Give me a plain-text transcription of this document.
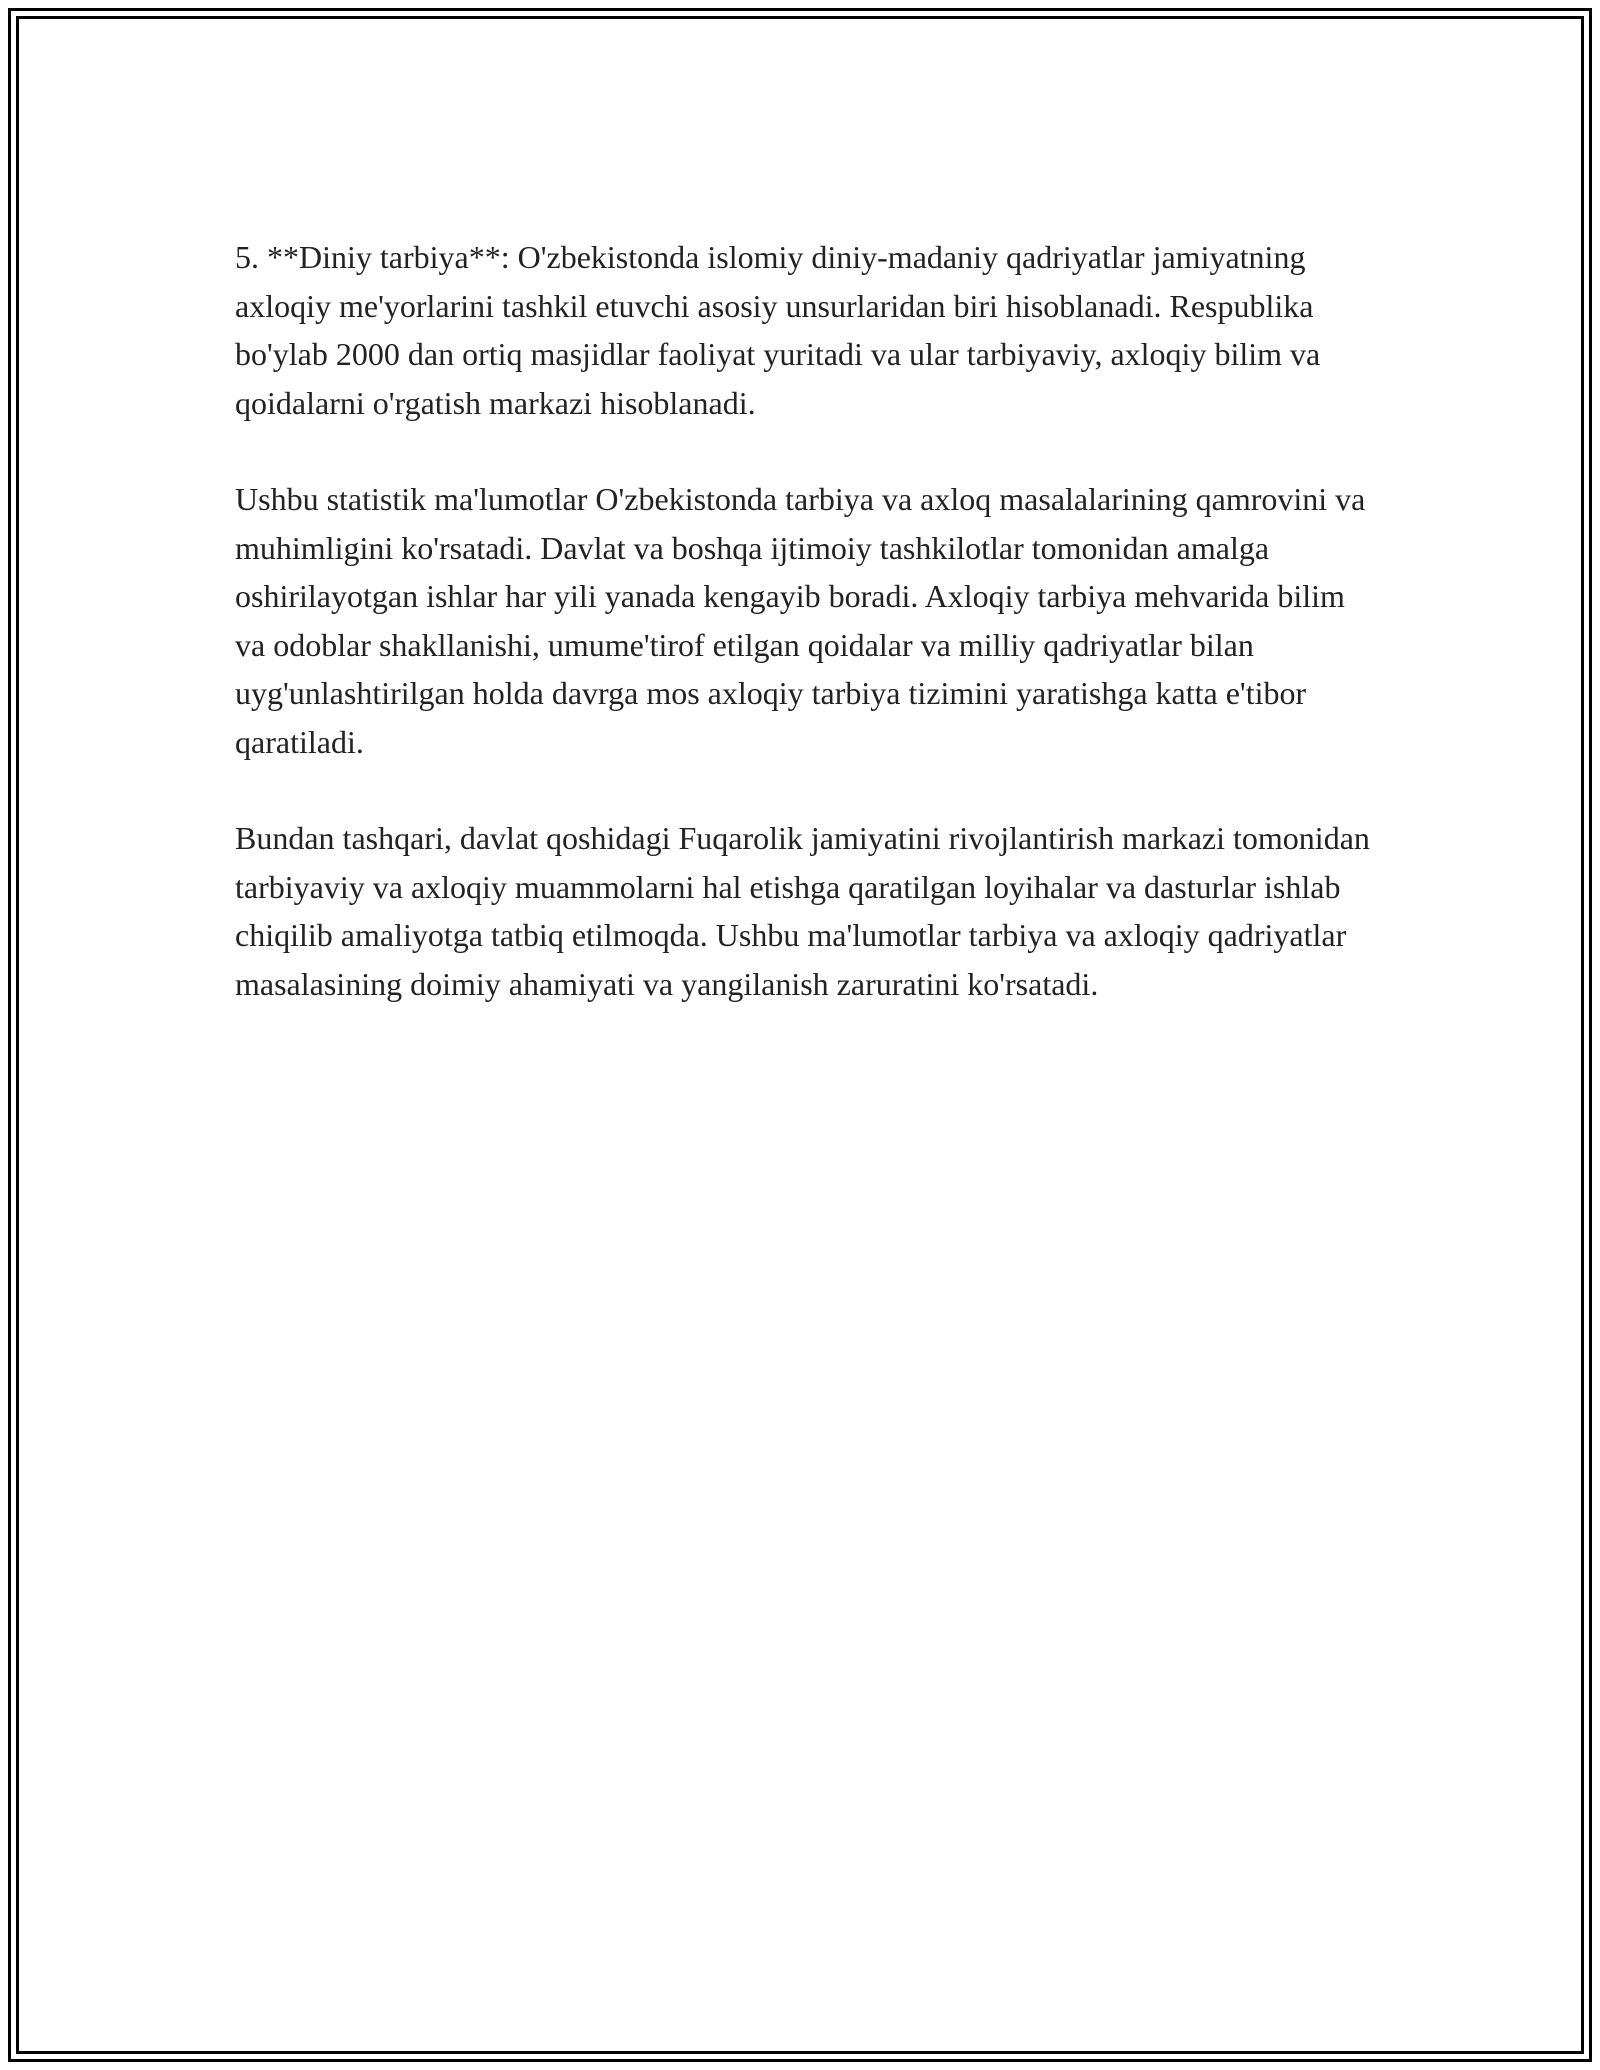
5. **Diniy tarbiya**: O'zbekistonda islomiy diniy-madaniy qadriyatlar jamiyatning axloqiy me'yorlarini tashkil etuvchi asosiy unsurlaridan biri hisoblanadi. Respublika bo'ylab 2000 dan ortiq masjidlar faoliyat yuritadi va ular tarbiyaviy, axloqiy bilim va qoidalarni o'rgatish markazi hisoblanadi.

Ushbu statistik ma'lumotlar O'zbekistonda tarbiya va axloq masalalarining qamrovini va muhimligini ko'rsatadi. Davlat va boshqa ijtimoiy tashkilotlar tomonidan amalga oshirilayotgan ishlar har yili yanada kengayib boradi. Axloqiy tarbiya mehvarida bilim va odoblar shakllanishi, umume'tirof etilgan qoidalar va milliy qadriyatlar bilan uyg'unlashtirilgan holda davrga mos axloqiy tarbiya tizimini yaratishga katta e'tibor qaratiladi.

Bundan tashqari, davlat qoshidagi Fuqarolik jamiyatini rivojlantirish markazi tomonidan tarbiyaviy va axloqiy muammolarni hal etishga qaratilgan loyihalar va dasturlar ishlab chiqilib amaliyotga tatbiq etilmoqda. Ushbu ma'lumotlar tarbiya va axloqiy qadriyatlar masalasining doimiy ahamiyati va yangilanish zaruratini ko'rsatadi.
